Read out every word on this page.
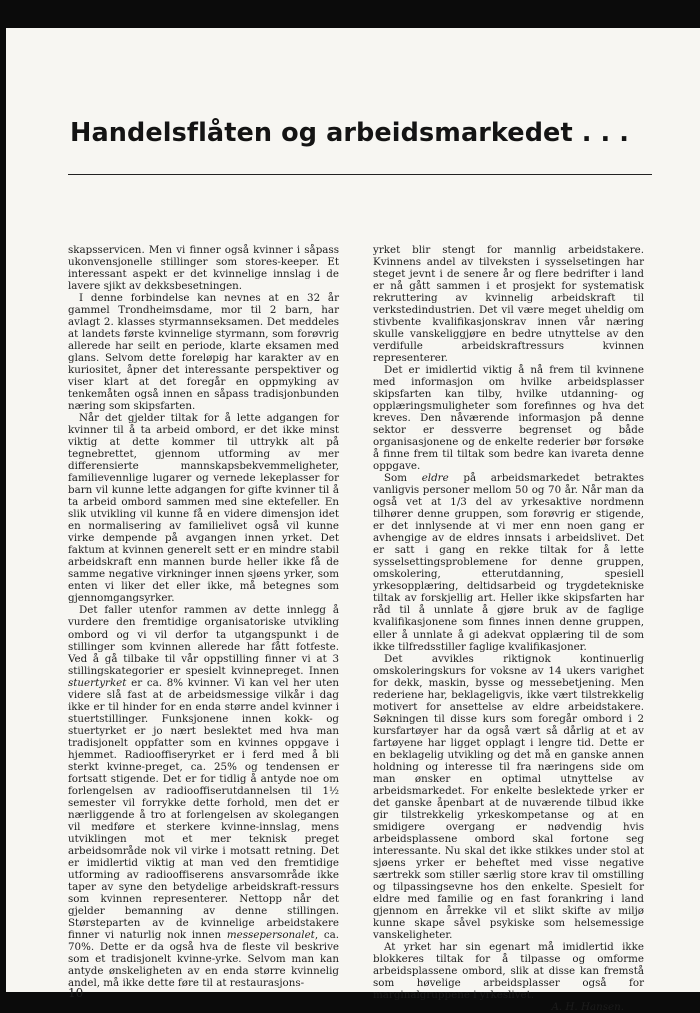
Handelsflåten og arbeidsmarkedet . . .

skapsservicen. Men vi finner også kvinner i såpass ukonvensjonelle stillinger som stores-keeper. Et interessant aspekt er det kvinnelige innslag i de lavere sjikt av dekksbesetningen.

I denne forbindelse kan nevnes at en 32 år gammel Trondheimsdame, mor til 2 barn, har avlagt 2. klasses styrmannseksamen. Det meddeles at landets første kvinnelige styrmann, som forøvrig allerede har seilt en periode, klarte eksamen med glans. Selvom dette foreløpig har karakter av en kuriositet, åpner det interessante perspektiver og viser klart at det foregår en oppmyking av tenkemåten også innen en såpass tradisjonbunden næring som skipsfarten.

Når det gjelder tiltak for å lette adgangen for kvinner til å ta arbeid ombord, er det ikke minst viktig at dette kommer til uttrykk alt på tegnebrettet, gjennom utforming av mer differensierte mannskapsbekvemmeligheter, familievennlige lugarer og vernede lekeplasser for barn vil kunne lette adgangen for gifte kvinner til å ta arbeid ombord sammen med sine ektefeller. En slik utvikling vil kunne få en videre dimensjon idet en normalisering av familielivet også vil kunne virke dempende på avgangen innen yrket. Det faktum at kvinnen generelt sett er en mindre stabil arbeidskraft enn mannen burde heller ikke få de samme negative virkninger innen sjøens yrker, som enten vi liker det eller ikke, må betegnes som gjennomgangsyrker.

Det faller utenfor rammen av dette innlegg å vurdere den fremtidige organisatoriske utvikling ombord og vi vil derfor ta utgangspunkt i de stillinger som kvinnen allerede har fått fotfeste. Ved å gå tilbake til vår oppstilling finner vi at 3 stillingskategorier er spesielt kvinnepreget. Innen stuertyrket er ca. 8% kvinner. Vi kan vel her uten videre slå fast at de arbeidsmessige vilkår i dag ikke er til hinder for en enda større andel kvinner i stuertstillinger. Funksjonene innen kokk- og stuertyrket er jo nært beslektet med hva man tradisjonelt oppfatter som en kvinnes oppgave i hjemmet. Radiooffiseryrket er i ferd med å bli sterkt kvinne-preget, ca. 25% og tendensen er fortsatt stigende. Det er for tidlig å antyde noe om forlengelsen av radiooffiserutdannelsen til 1½ semester vil forrykke dette forhold, men det er nærliggende å tro at forlengelsen av skolegangen vil medføre et sterkere kvinne-innslag, mens utviklingen mot et mer teknisk preget arbeidsområde nok vil virke i motsatt retning. Det er imidlertid viktig at man ved den fremtidige utforming av radiooffiserens ansvarsområde ikke taper av syne den betydelige arbeidskraft-ressurs som kvinnen representerer. Nettopp når det gjelder bemanning av denne stillingen. Størsteparten av de kvinnelige arbeidstakere finner vi naturlig nok innen messepersonalet, ca. 70%. Dette er da også hva de fleste vil beskrive som et tradisjonelt kvinne-yrke. Selvom man kan antyde ønskeligheten av en enda større kvinnelig andel, må ikke dette føre til at restaurasjons-

yrket blir stengt for mannlig arbeidstakere. Kvinnens andel av tilveksten i sysselsetingen har steget jevnt i de senere år og flere bedrifter i land er nå gått sammen i et prosjekt for systematisk rekruttering av kvinnelig arbeidskraft til verkstedindustrien. Det vil være meget uheldig om stivbente kvalifikasjonskrav innen vår næring skulle vanskeliggjøre en bedre utnyttelse av den verdifulle arbeidskraftressurs kvinnen representerer.

Det er imidlertid viktig å nå frem til kvinnene med informasjon om hvilke arbeidsplasser skipsfarten kan tilby, hvilke utdanning- og opplæringsmuligheter som forefinnes og hva det kreves. Den nåværende informasjon på denne sektor er dessverre begrenset og både organisasjonene og de enkelte rederier bør forsøke å finne frem til tiltak som bedre kan ivareta denne oppgave.

Som eldre på arbeidsmarkedet betraktes vanligvis personer mellom 50 og 70 år. Når man da også vet at 1/3 del av yrkesaktive nordmenn tilhører denne gruppen, som forøvrig er stigende, er det innlysende at vi mer enn noen gang er avhengige av de eldres innsats i arbeidslivet. Det er satt i gang en rekke tiltak for å lette sysselsettingsproblemene for denne gruppen, omskolering, etterutdanning, spesiell yrkesopplæring, deltidsarbeid og trygdetekniske tiltak av forskjellig art. Heller ikke skipsfarten har råd til å unnlate å gjøre bruk av de faglige kvalifikasjonene som finnes innen denne gruppen, eller å unnlate å gi adekvat opplæring til de som ikke tilfredsstiller faglige kvalifikasjoner.

Det avvikles riktignok kontinuerlig omskoleringskurs for voksne av 14 ukers varighet for dekk, maskin, bysse og messebetjening. Men rederiene har, beklageligvis, ikke vært tilstrekkelig motivert for ansettelse av eldre arbeidstakere. Søkningen til disse kurs som foregår ombord i 2 kursfartøyer har da også vært så dårlig at et av fartøyene har ligget opplagt i lengre tid. Dette er en beklagelig utvikling og det må en ganske annen holdning og interesse til fra næringens side om man ønsker en optimal utnyttelse av arbeidsmarkedet. For enkelte beslektede yrker er det ganske åpenbart at de nuværende tilbud ikke gir tilstrekkelig yrkeskompetanse og at en smidigere overgang er nødvendig hvis arbeidsplassene ombord skal fortone seg interessante. Nu skal det ikke stikkes under stol at sjøens yrker er beheftet med visse negative særtrekk som stiller særlig store krav til omstilling og tilpassingsevne hos den enkelte. Spesielt for eldre med familie og en fast forankring i land gjennom en årrekke vil et slikt skifte av miljø kunne skape såvel psykiske som helsemessige vanskeligheter.

At yrket har sin egenart må imidlertid ikke blokkeres tiltak for å tilpasse og omforme arbeidsplassene ombord, slik at disse kan fremstå som høvelige arbeidsplasser også for marginalgruppene i yrkeslivet.

A. H. Hansen.

10
